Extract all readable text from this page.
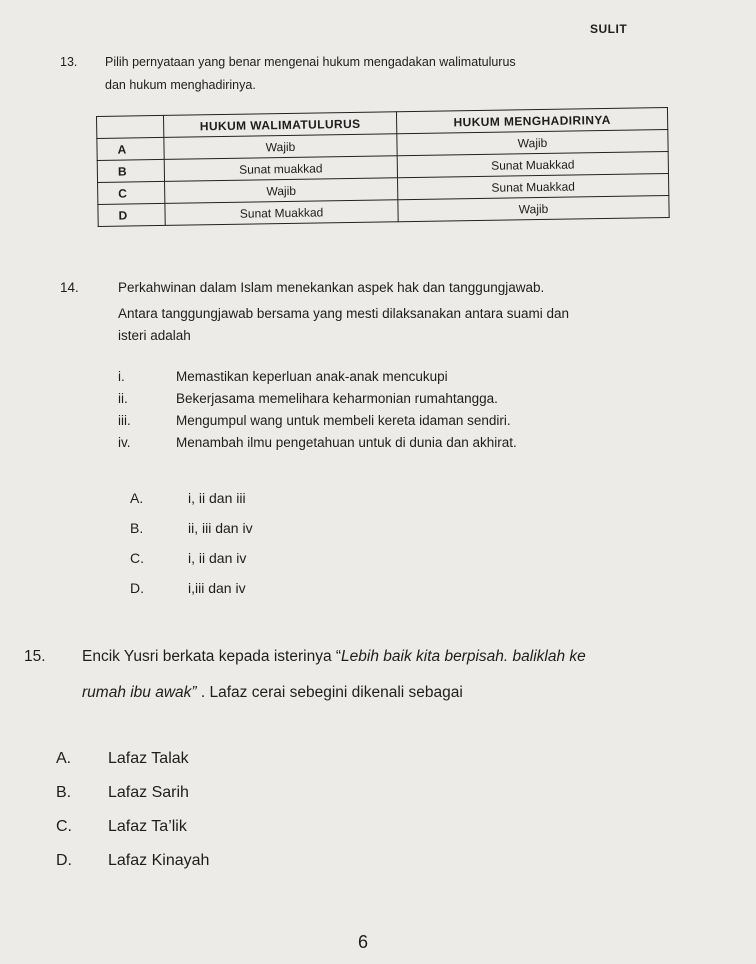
SULIT
13.	Pilih pernyataan yang benar mengenai hukum mengadakan walimatulurus
dan hukum menghadirinya.
	HUKUM WALIMATULURUS	HUKUM MENGHADIRINYA
A	Wajib	Wajib
B	Sunat muakkad	Sunat Muakkad
C	Wajib	Sunat Muakkad
D	Sunat Muakkad	Wajib
14.	Perkahwinan dalam Islam menekankan aspek hak dan tanggungjawab.
Antara tanggungjawab bersama yang mesti dilaksanakan antara suami dan
isteri adalah
i.	Memastikan keperluan anak-anak mencukupi
ii.	Bekerjasama memelihara keharmonian rumahtangga.
iii.	Mengumpul wang untuk membeli kereta idaman sendiri.
iv.	Menambah ilmu pengetahuan untuk di dunia dan akhirat.
A.	i, ii dan iii
B.	ii, iii dan iv
C.	i, ii dan iv
D.	i,iii dan iv
15.	Encik Yusri berkata kepada isterinya “Lebih baik kita berpisah. baliklah ke
rumah ibu awak” . Lafaz cerai sebegini dikenali sebagai
A.	Lafaz Talak
B.	Lafaz Sarih
C.	Lafaz Ta’lik
D.	Lafaz Kinayah
6
